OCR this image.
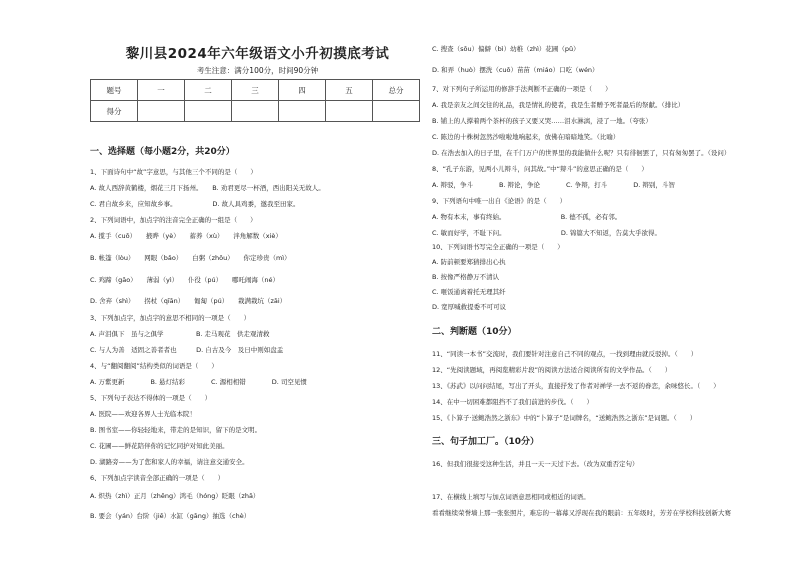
黎川县2024年六年级语文小升初摸底考试
考生注意：满分100分，时间90分钟
题号	一	二	三	四	五	总分
得分						
一、选择题（每小题2分，共20分）
1、下面诗句中“故”字意思，与其他三个不同的是（　　）
A. 故人西辞黄鹤楼，烟花三月下扬州。　　B. 劝君更尽一杯酒，西出阳关无故人。
C. 君自故乡来，应知故乡事。　　　　　　D. 故人具鸡黍，邀我至田家。
2、下列词语中，加点字的注音完全正确的一组是（　　）
A. 揽手（cuō）　　掖晔（yè）　　蓄养（xù）　　泮角解数（xiè）
B. 帐篷（lòu）　　网眼（bǎo）　　白粥（zhōu）　　你定珍贵（mì）
C. 鸡蹄（gāo）　　薄弱（yì）　　仆役（pú）　　哪吒闹海（né）
D. 舍弃（shì）　　拐杖（qīān）　　匍匐（pú）　　栽满栽坑（zāi）
3、下列加点字，加点字的意思不相同的一项是（　　）
A. 声泪俱下　虽与之俱学　　　　　B. 走马观花　供走观清救
C. 与人为善　适固之善者者也　　　D. 自古及今　及日中则如盘盂
4、与“翻阅翻阅”结构类似的词语是（　　）
A. 万紫更新　　　　B. 悬灯结彩　　　　C. 源相相错　　　　D. 司空见惯
5、下列句子表达不得体的一项是（　　）
A. 医院——欢迎各界人士光临本院！
B. 图书室——你轻轻地来，带走的是知识，留下的是文明。
C. 花圃——鲜花陪伴你的记忆同护对知此美丽。
D. 湖路旁——为了您和家人的幸福，请注意交通安全。
6、下列加点字读音全部正确的一项是（　　）
A. 炽热（zhì）正月（zhēng）鸿毛（hóng）眨眼（zhā）
B. 要会（yán）台阶（jiē）水缸（gāng）抽选（chè）
C. 搜查（sōu）偏僻（bì）幼稚（zhì）花圃（pǔ）
D. 和弄（huò）摆洗（cuō）苗苗（miáo）口吃（wén）
7、对下列句子所运用的修辞手法判断不正确的一项是（　　）
A. 我是亲友之间交往的礼品，我是情礼的使者，我是生者赠予死者最后的祭献。（排比）
B. 铺上的人撑着两个茶杯的孩子又要又哭……泪水淋漓，浸了一地。（夸张）
C. 陈边的十株树忽然沙啦啦地响起来，放佛在暗暗地笑。（比喻）
D. 在浩去加入的日子里，在千门万户的世界里的我能做什么呢？只有徘徊罢了，只有匆匆罢了。（设问）
8、“孔子东游，见两小儿辩斗，问其故。”中“辩斗”的意思正确的是（　　）
A. 辩驳，争斗　　　　B. 辩论，争论　　　　C. 争辩，打斗　　　　D. 辩别，斗智
9、下列语句中唯一出自《论语》的是（　　）
A. 物有本末，事有终始。　　　　　　　　　B. 德不孤，必有邻。
C. 敏而好学，不耻下问。　　　　　　　　　D. 锦篇大不知返，告莫大乎欲得。
10、下列词语书写完全正确的一项是（　　）
A. 防前顿要郑猜排出心执
B. 按像严格静万不清认
C. 咂饭通离着托无理其纤
D. 宽厚喊救提委不可可议
二、判断题（10分）
11、“同读一本书”交流时，我们要针对注意自己不同的观点，一找到理由就反驳掉。（　　）
12、“先阅读题域，再阅览精彩片段”的阅读方法适合阅读所有的文学作品。（　　）
13、《苏武》以问问结尾，写出了开头，直接抒发了作者对禅学一去不返的眷恋，余味悠长。（　　）
14、在中一切困难都阻挡不了我们前进的步伐。（　　）
15、《卜算子·送鲍浩然之浙东》中的“卜算子”是词牌名，“送鲍浩然之浙东”是词题。（　　）
三、句子加工厂。（10分）
16、但我们很接受这种生活，并且一天一天过下去。（改为双重否定句）
17、在横线上填写与加点词语意思相同或相近的词语。
看看继续荣誉墙上那一张张照片，难忘的一幕幕又浮现在我的眼前：五年级时，芳芳在学校科技创新大赛
